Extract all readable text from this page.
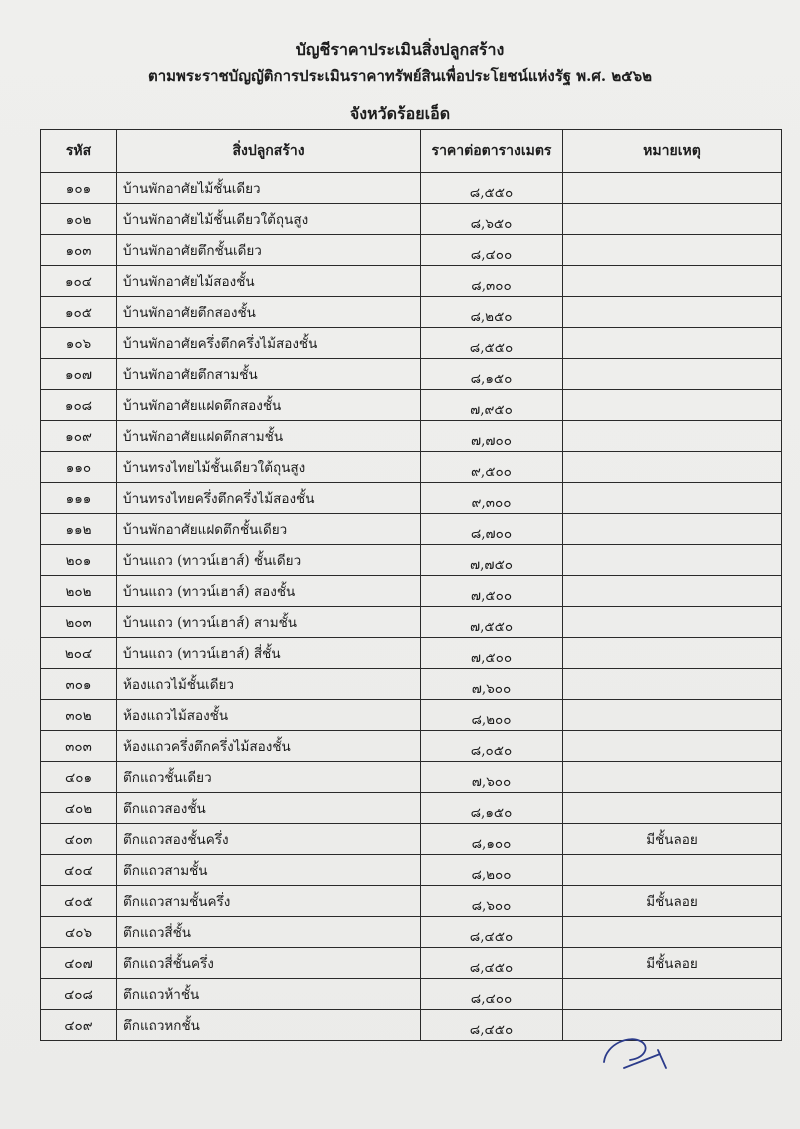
บัญชีราคาประเมินสิ่งปลูกสร้าง
ตามพระราชบัญญัติการประเมินราคาทรัพย์สินเพื่อประโยชน์แห่งรัฐ พ.ศ. ๒๕๖๒
จังหวัดร้อยเอ็ด
รหัส	สิ่งปลูกสร้าง	ราคาต่อตารางเมตร	หมายเหตุ
๑๐๑	บ้านพักอาศัยไม้ชั้นเดียว	๘,๕๕๐	
๑๐๒	บ้านพักอาศัยไม้ชั้นเดียวใต้ถุนสูง	๘,๖๕๐	
๑๐๓	บ้านพักอาศัยตึกชั้นเดียว	๘,๔๐๐	
๑๐๔	บ้านพักอาศัยไม้สองชั้น	๘,๓๐๐	
๑๐๕	บ้านพักอาศัยตึกสองชั้น	๘,๒๕๐	
๑๐๖	บ้านพักอาศัยครึ่งตึกครึ่งไม้สองชั้น	๘,๕๕๐	
๑๐๗	บ้านพักอาศัยตึกสามชั้น	๘,๑๕๐	
๑๐๘	บ้านพักอาศัยแฝดตึกสองชั้น	๗,๙๕๐	
๑๐๙	บ้านพักอาศัยแฝดตึกสามชั้น	๗,๗๐๐	
๑๑๐	บ้านทรงไทยไม้ชั้นเดียวใต้ถุนสูง	๙,๕๐๐	
๑๑๑	บ้านทรงไทยครึ่งตึกครึ่งไม้สองชั้น	๙,๓๐๐	
๑๑๒	บ้านพักอาศัยแฝดตึกชั้นเดียว	๘,๗๐๐	
๒๐๑	บ้านแถว (ทาวน์เฮาส์) ชั้นเดียว	๗,๗๕๐	
๒๐๒	บ้านแถว (ทาวน์เฮาส์) สองชั้น	๗,๕๐๐	
๒๐๓	บ้านแถว (ทาวน์เฮาส์) สามชั้น	๗,๕๕๐	
๒๐๔	บ้านแถว (ทาวน์เฮาส์) สี่ชั้น	๗,๕๐๐	
๓๐๑	ห้องแถวไม้ชั้นเดียว	๗,๖๐๐	
๓๐๒	ห้องแถวไม้สองชั้น	๘,๒๐๐	
๓๐๓	ห้องแถวครึ่งตึกครึ่งไม้สองชั้น	๘,๐๕๐	
๔๐๑	ตึกแถวชั้นเดียว	๗,๖๐๐	
๔๐๒	ตึกแถวสองชั้น	๘,๑๕๐	
๔๐๓	ตึกแถวสองชั้นครึ่ง	๘,๑๐๐	มีชั้นลอย
๔๐๔	ตึกแถวสามชั้น	๘,๒๐๐	
๔๐๕	ตึกแถวสามชั้นครึ่ง	๘,๖๐๐	มีชั้นลอย
๔๐๖	ตึกแถวสี่ชั้น	๘,๔๕๐	
๔๐๗	ตึกแถวสี่ชั้นครึ่ง	๘,๔๕๐	มีชั้นลอย
๔๐๘	ตึกแถวห้าชั้น	๘,๔๐๐	
๔๐๙	ตึกแถวหกชั้น	๘,๔๕๐	
